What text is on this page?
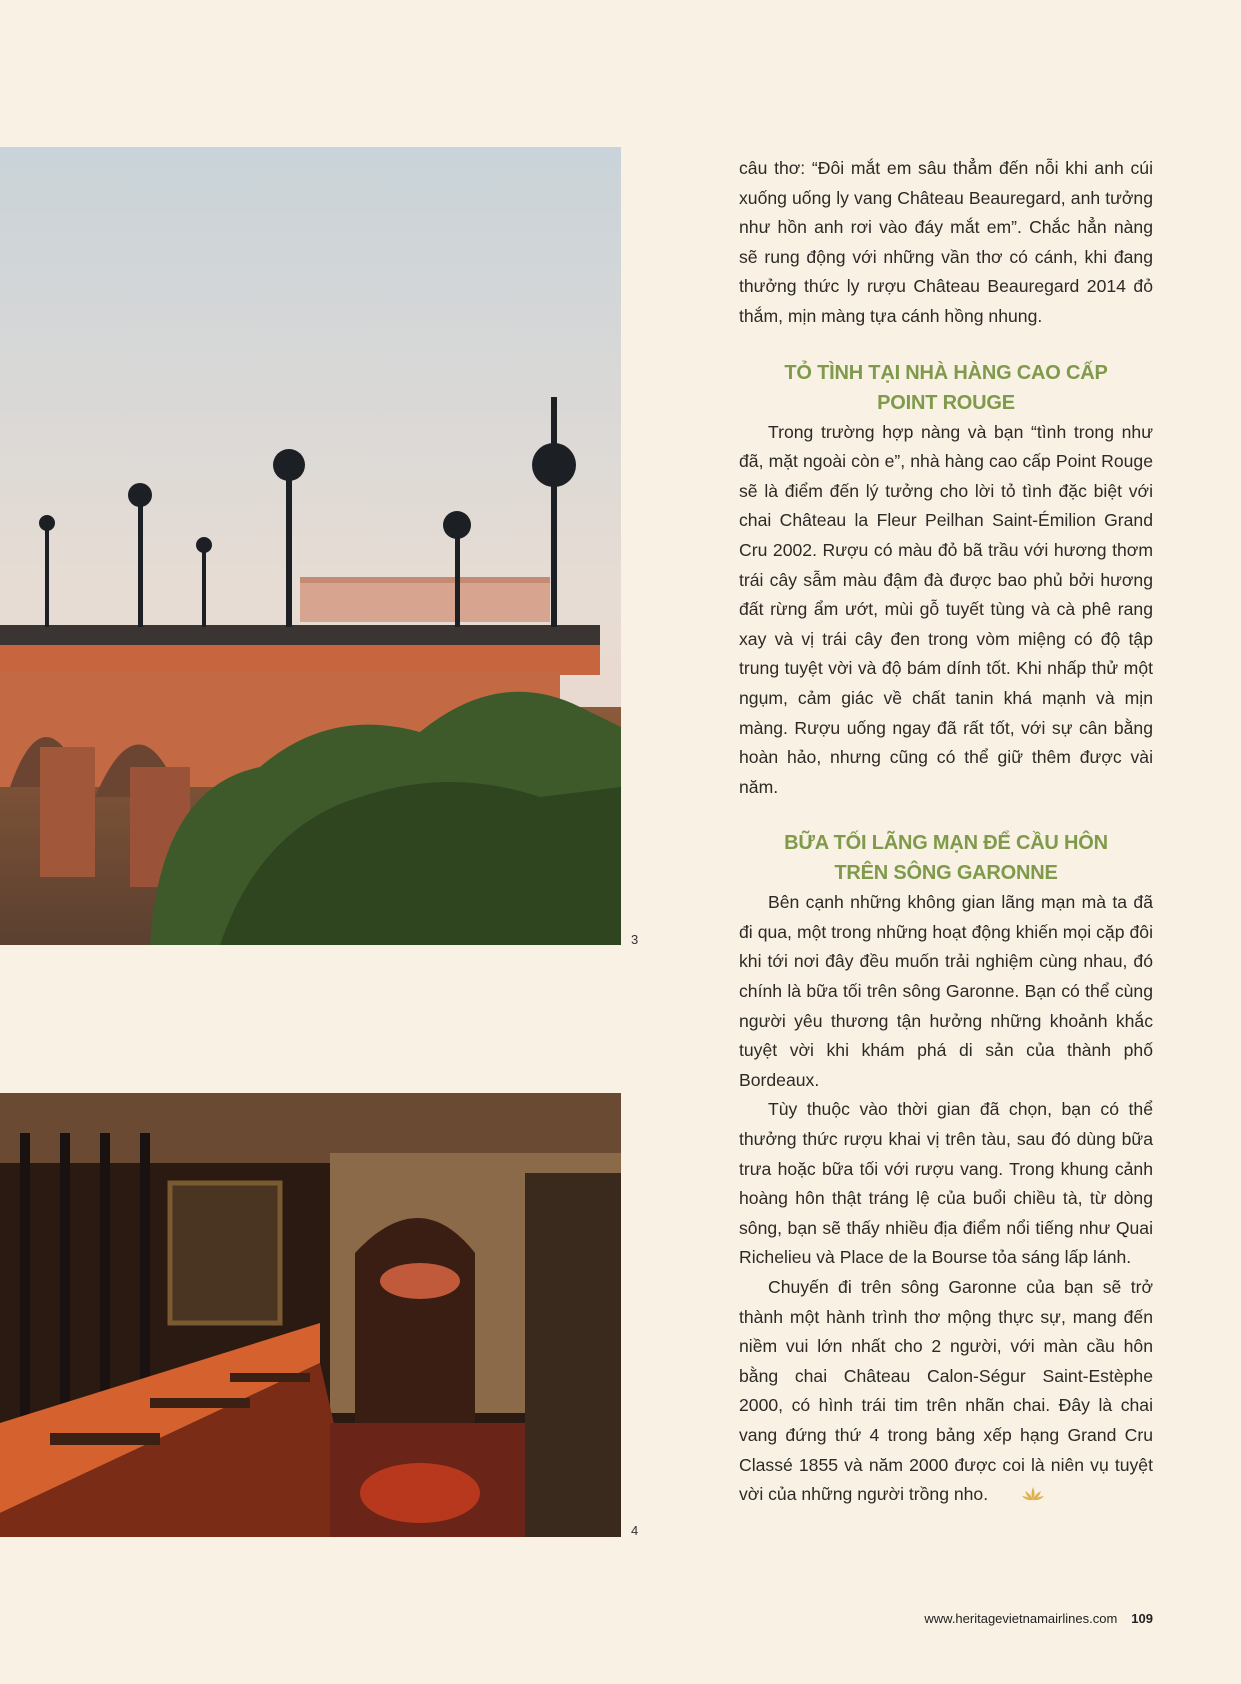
3
4

câu thơ: “Đôi mắt em sâu thẳm đến nỗi khi anh cúi xuống uống ly vang Château Beauregard, anh tưởng như hồn anh rơi vào đáy mắt em”. Chắc hẳn nàng sẽ rung động với những vần thơ có cánh, khi đang thưởng thức ly rượu Château Beauregard 2014 đỏ thắm, mịn màng tựa cánh hồng nhung.

TỎ TÌNH TẠI NHÀ HÀNG CAO CẤP
POINT ROUGE

Trong trường hợp nàng và bạn “tình trong như đã, mặt ngoài còn e”, nhà hàng cao cấp Point Rouge sẽ là điểm đến lý tưởng cho lời tỏ tình đặc biệt với chai Château la Fleur Peilhan Saint-Émilion Grand Cru 2002. Rượu có màu đỏ bã trầu với hương thơm trái cây sẫm màu đậm đà được bao phủ bởi hương đất rừng ẩm ướt, mùi gỗ tuyết tùng và cà phê rang xay và vị trái cây đen trong vòm miệng có độ tập trung tuyệt vời và độ bám dính tốt. Khi nhấp thử một ngụm, cảm giác về chất tanin khá mạnh và mịn màng. Rượu uống ngay đã rất tốt, với sự cân bằng hoàn hảo, nhưng cũng có thể giữ thêm được vài năm.

BỮA TỐI LÃNG MẠN ĐỂ CẦU HÔN
TRÊN SÔNG GARONNE

Bên cạnh những không gian lãng mạn mà ta đã đi qua, một trong những hoạt động khiến mọi cặp đôi khi tới nơi đây đều muốn trải nghiệm cùng nhau, đó chính là bữa tối trên sông Garonne. Bạn có thể cùng người yêu thương tận hưởng những khoảnh khắc tuyệt vời khi khám phá di sản của thành phố Bordeaux.

Tùy thuộc vào thời gian đã chọn, bạn có thể thưởng thức rượu khai vị trên tàu, sau đó dùng bữa trưa hoặc bữa tối với rượu vang. Trong khung cảnh hoàng hôn thật tráng lệ của buổi chiều tà, từ dòng sông, bạn sẽ thấy nhiều địa điểm nổi tiếng như Quai Richelieu và Place de la Bourse tỏa sáng lấp lánh.

Chuyến đi trên sông Garonne của bạn sẽ trở thành một hành trình thơ mộng thực sự, mang đến niềm vui lớn nhất cho 2 người, với màn cầu hôn bằng chai Château Calon-Ségur Saint-Estèphe 2000, có hình trái tim trên nhãn chai. Đây là chai vang đứng thứ 4 trong bảng xếp hạng Grand Cru Classé 1855 và năm 2000 được coi là niên vụ tuyệt vời của những người trồng nho.

www.heritagevietnamairlines.com 109
